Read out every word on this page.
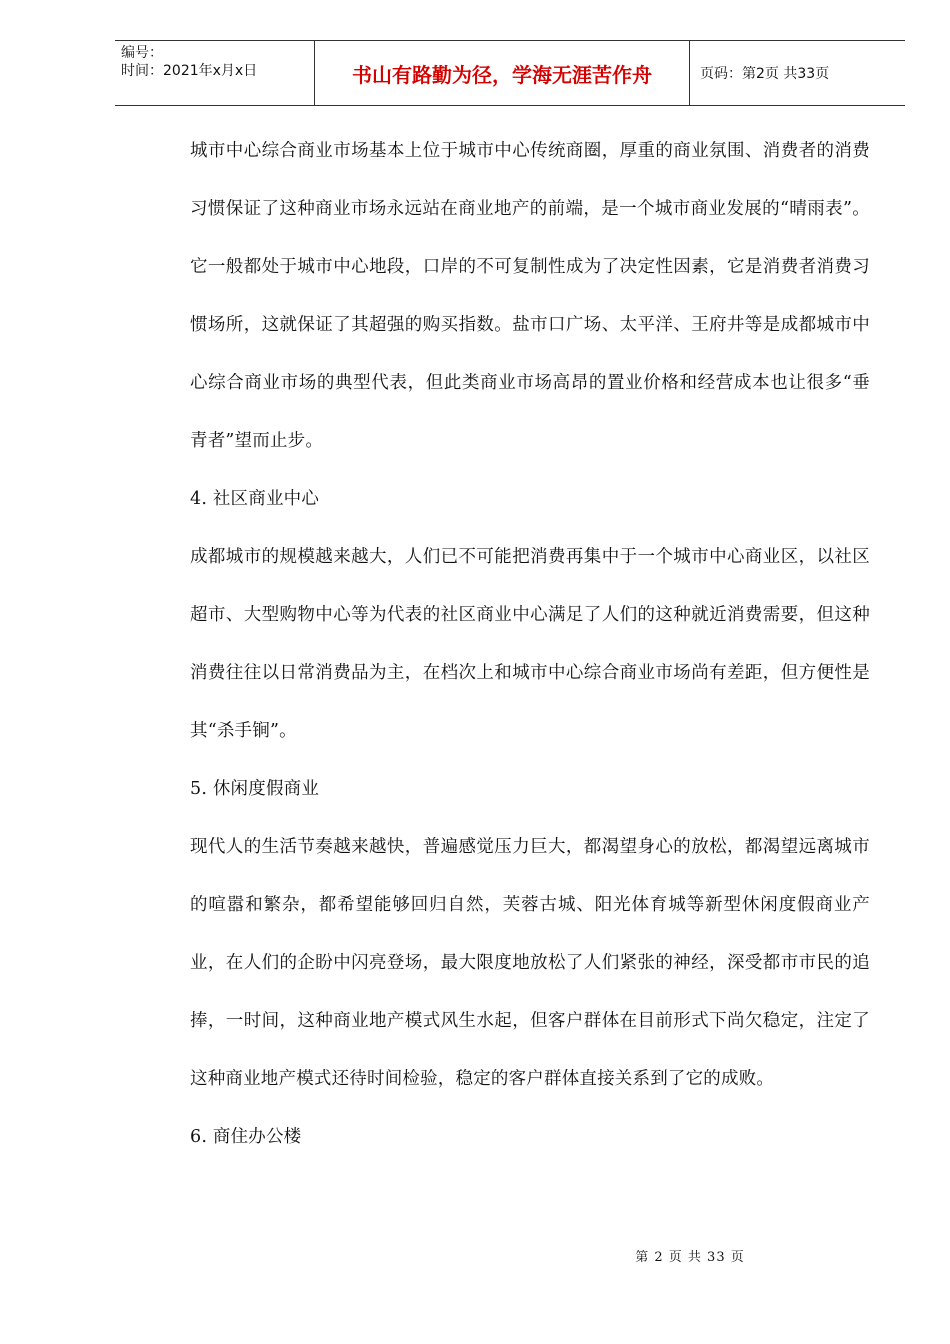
编号：
时间：2021年x月x日	书山有路勤为径，学海无涯苦作舟	页码：第2页 共33页

城市中心综合商业市场基本上位于城市中心传统商圈，厚重的商业氛围、消费者的消费习惯保证了这种商业市场永远站在商业地产的前端，是一个城市商业发展的“晴雨表”。它一般都处于城市中心地段，口岸的不可复制性成为了决定性因素，它是消费者消费习惯场所，这就保证了其超强的购买指数。盐市口广场、太平洋、王府井等是成都城市中心综合商业市场的典型代表，但此类商业市场高昂的置业价格和经营成本也让很多“垂青者”望而止步。

4. 社区商业中心

成都城市的规模越来越大，人们已不可能把消费再集中于一个城市中心商业区，以社区超市、大型购物中心等为代表的社区商业中心满足了人们的这种就近消费需要，但这种消费往往以日常消费品为主，在档次上和城市中心综合商业市场尚有差距，但方便性是其“杀手锏”。

5. 休闲度假商业

现代人的生活节奏越来越快，普遍感觉压力巨大，都渴望身心的放松，都渴望远离城市的喧嚣和繁杂，都希望能够回归自然，芙蓉古城、阳光体育城等新型休闲度假商业产业，在人们的企盼中闪亮登场，最大限度地放松了人们紧张的神经，深受都市市民的追捧，一时间，这种商业地产模式风生水起，但客户群体在目前形式下尚欠稳定，注定了这种商业地产模式还待时间检验，稳定的客户群体直接关系到了它的成败。

6. 商住办公楼

第 2 页 共 33 页
